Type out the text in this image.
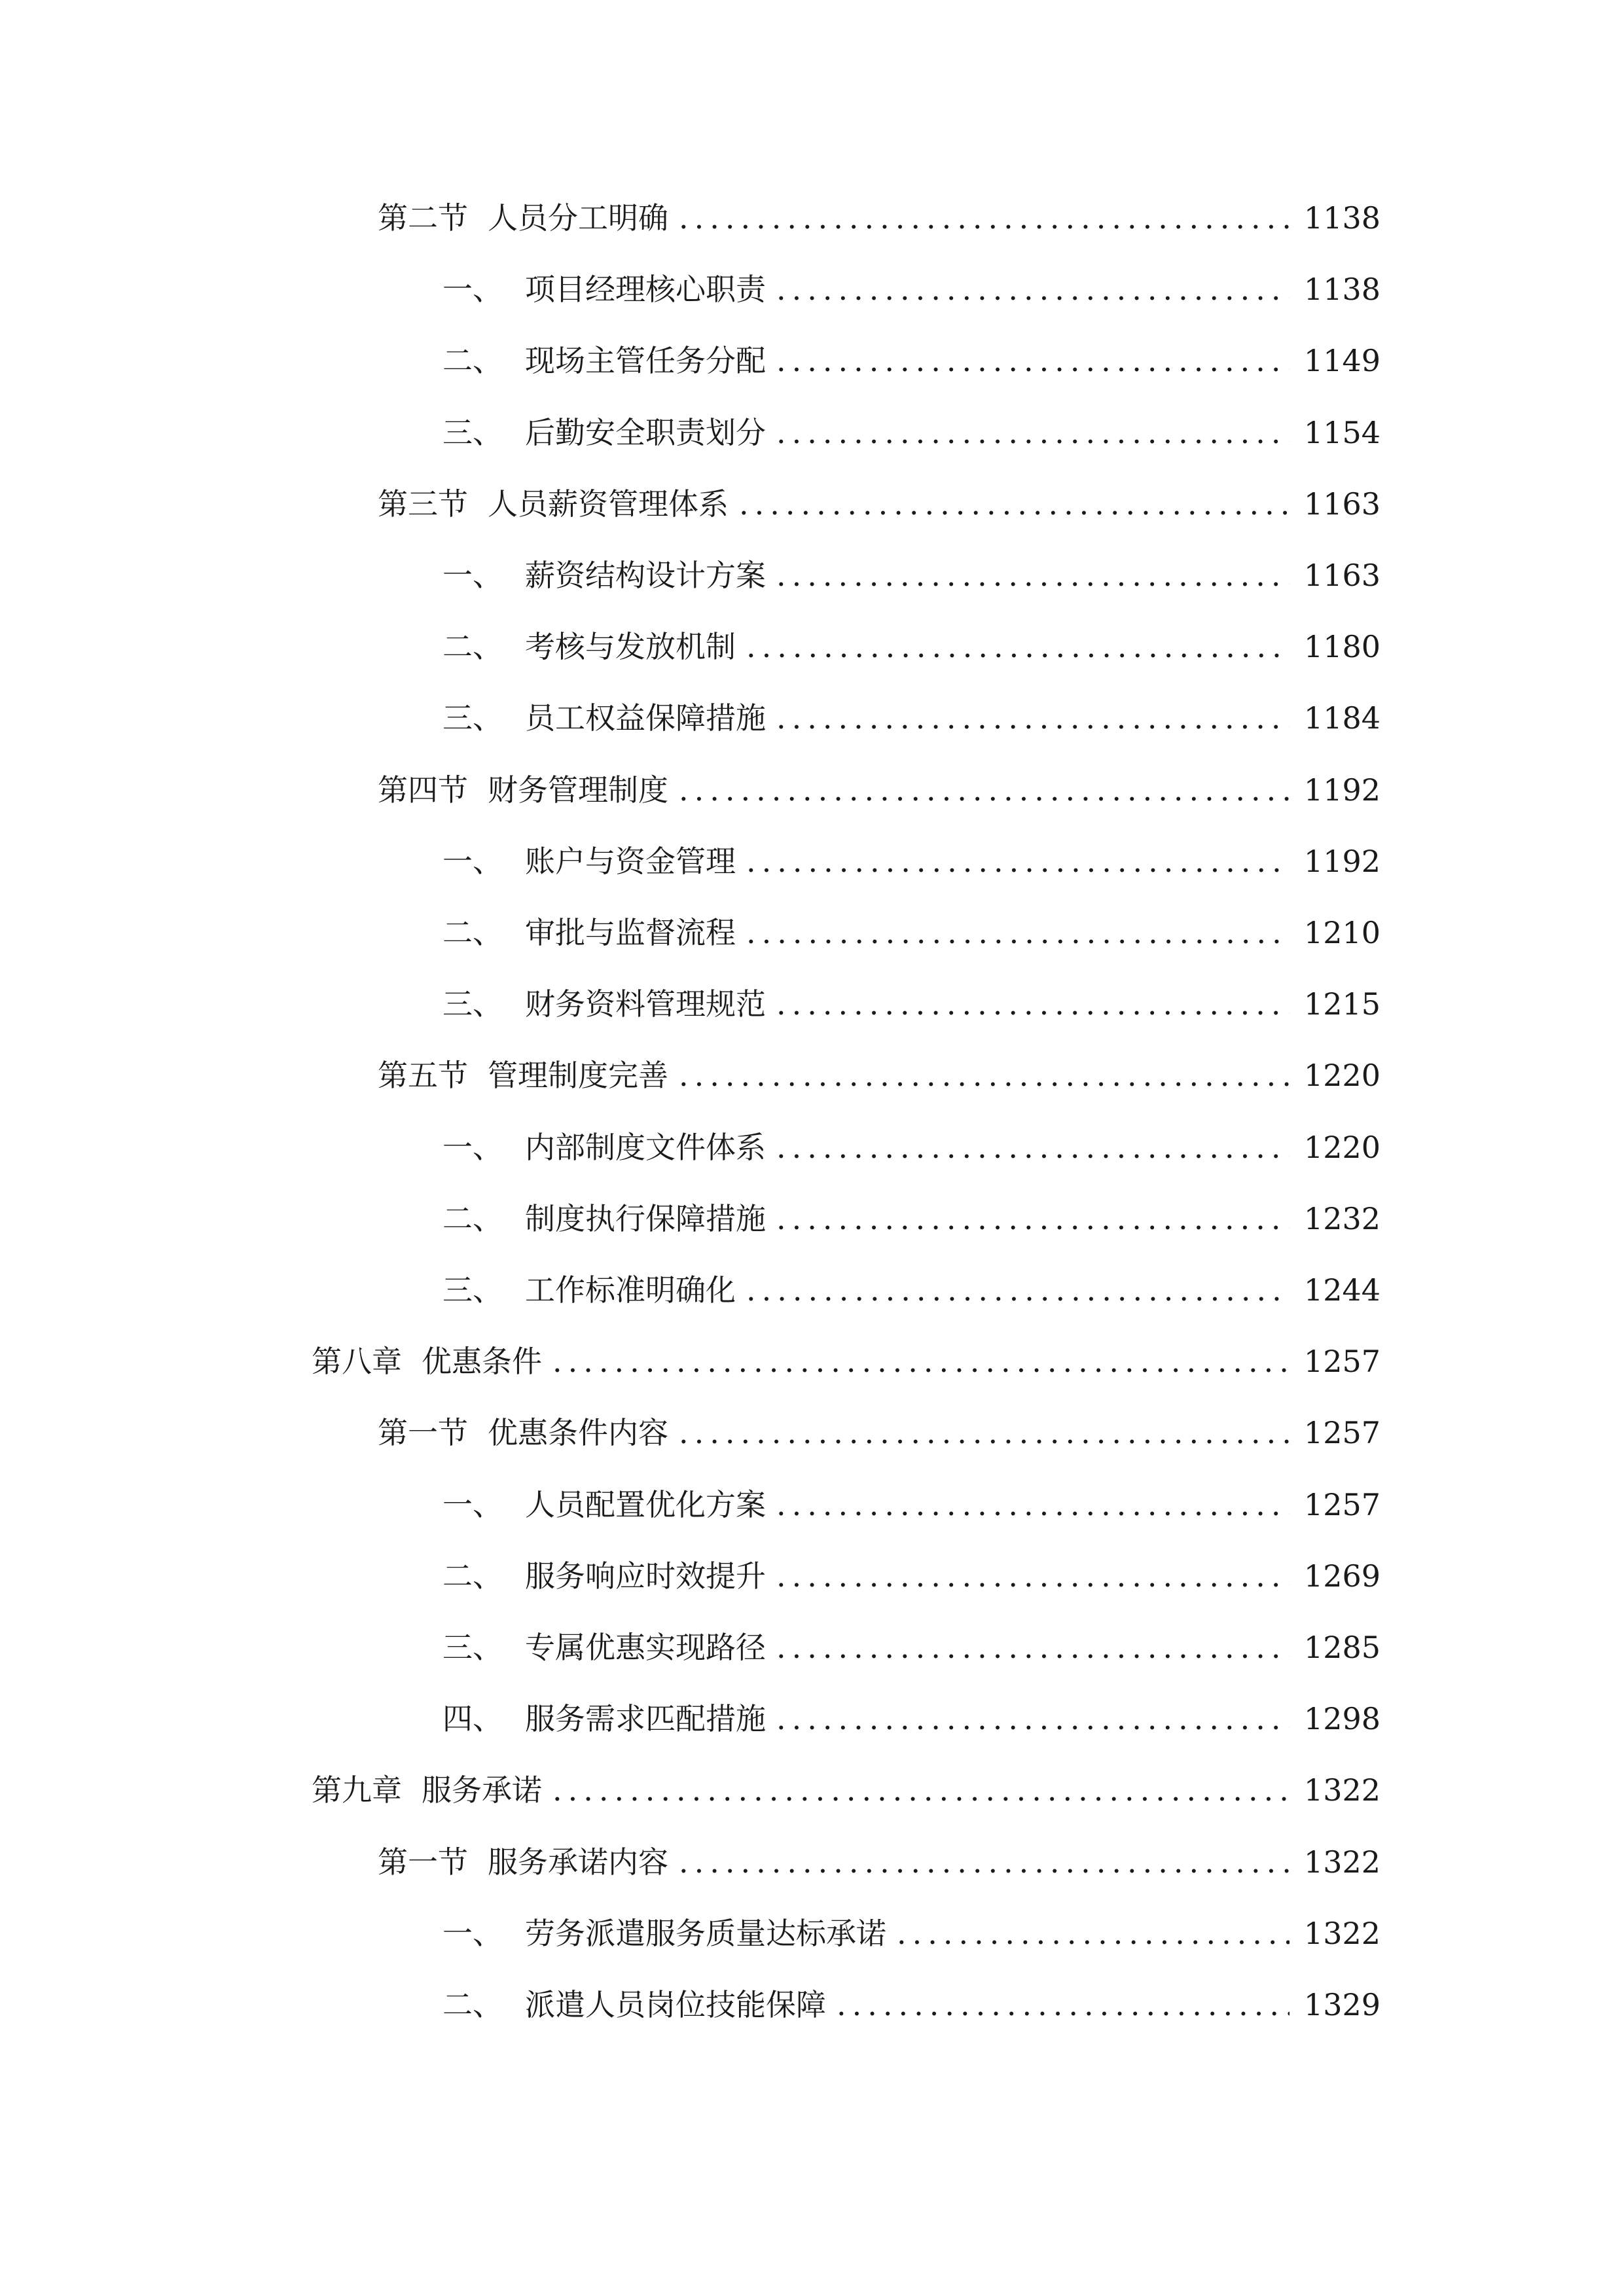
第二节 人员分工明确 .....	1138
一、 项目经理核心职责 .....	1138
二、 现场主管任务分配 .....	1149
三、 后勤安全职责划分 .....	1154
第三节 人员薪资管理体系 .....	1163
一、 薪资结构设计方案 .....	1163
二、 考核与发放机制 .....	1180
三、 员工权益保障措施 .....	1184
第四节 财务管理制度 .....	1192
一、 账户与资金管理 .....	1192
二、 审批与监督流程 .....	1210
三、 财务资料管理规范 .....	1215
第五节 管理制度完善 .....	1220
一、 内部制度文件体系 .....	1220
二、 制度执行保障措施 .....	1232
三、 工作标准明确化 .....	1244
第八章 优惠条件 .....	1257
第一节 优惠条件内容 .....	1257
一、 人员配置优化方案 .....	1257
二、 服务响应时效提升 .....	1269
三、 专属优惠实现路径 .....	1285
四、 服务需求匹配措施 .....	1298
第九章 服务承诺 .....	1322
第一节 服务承诺内容 .....	1322
一、 劳务派遣服务质量达标承诺 .....	1322
二、 派遣人员岗位技能保障 .....	1329
